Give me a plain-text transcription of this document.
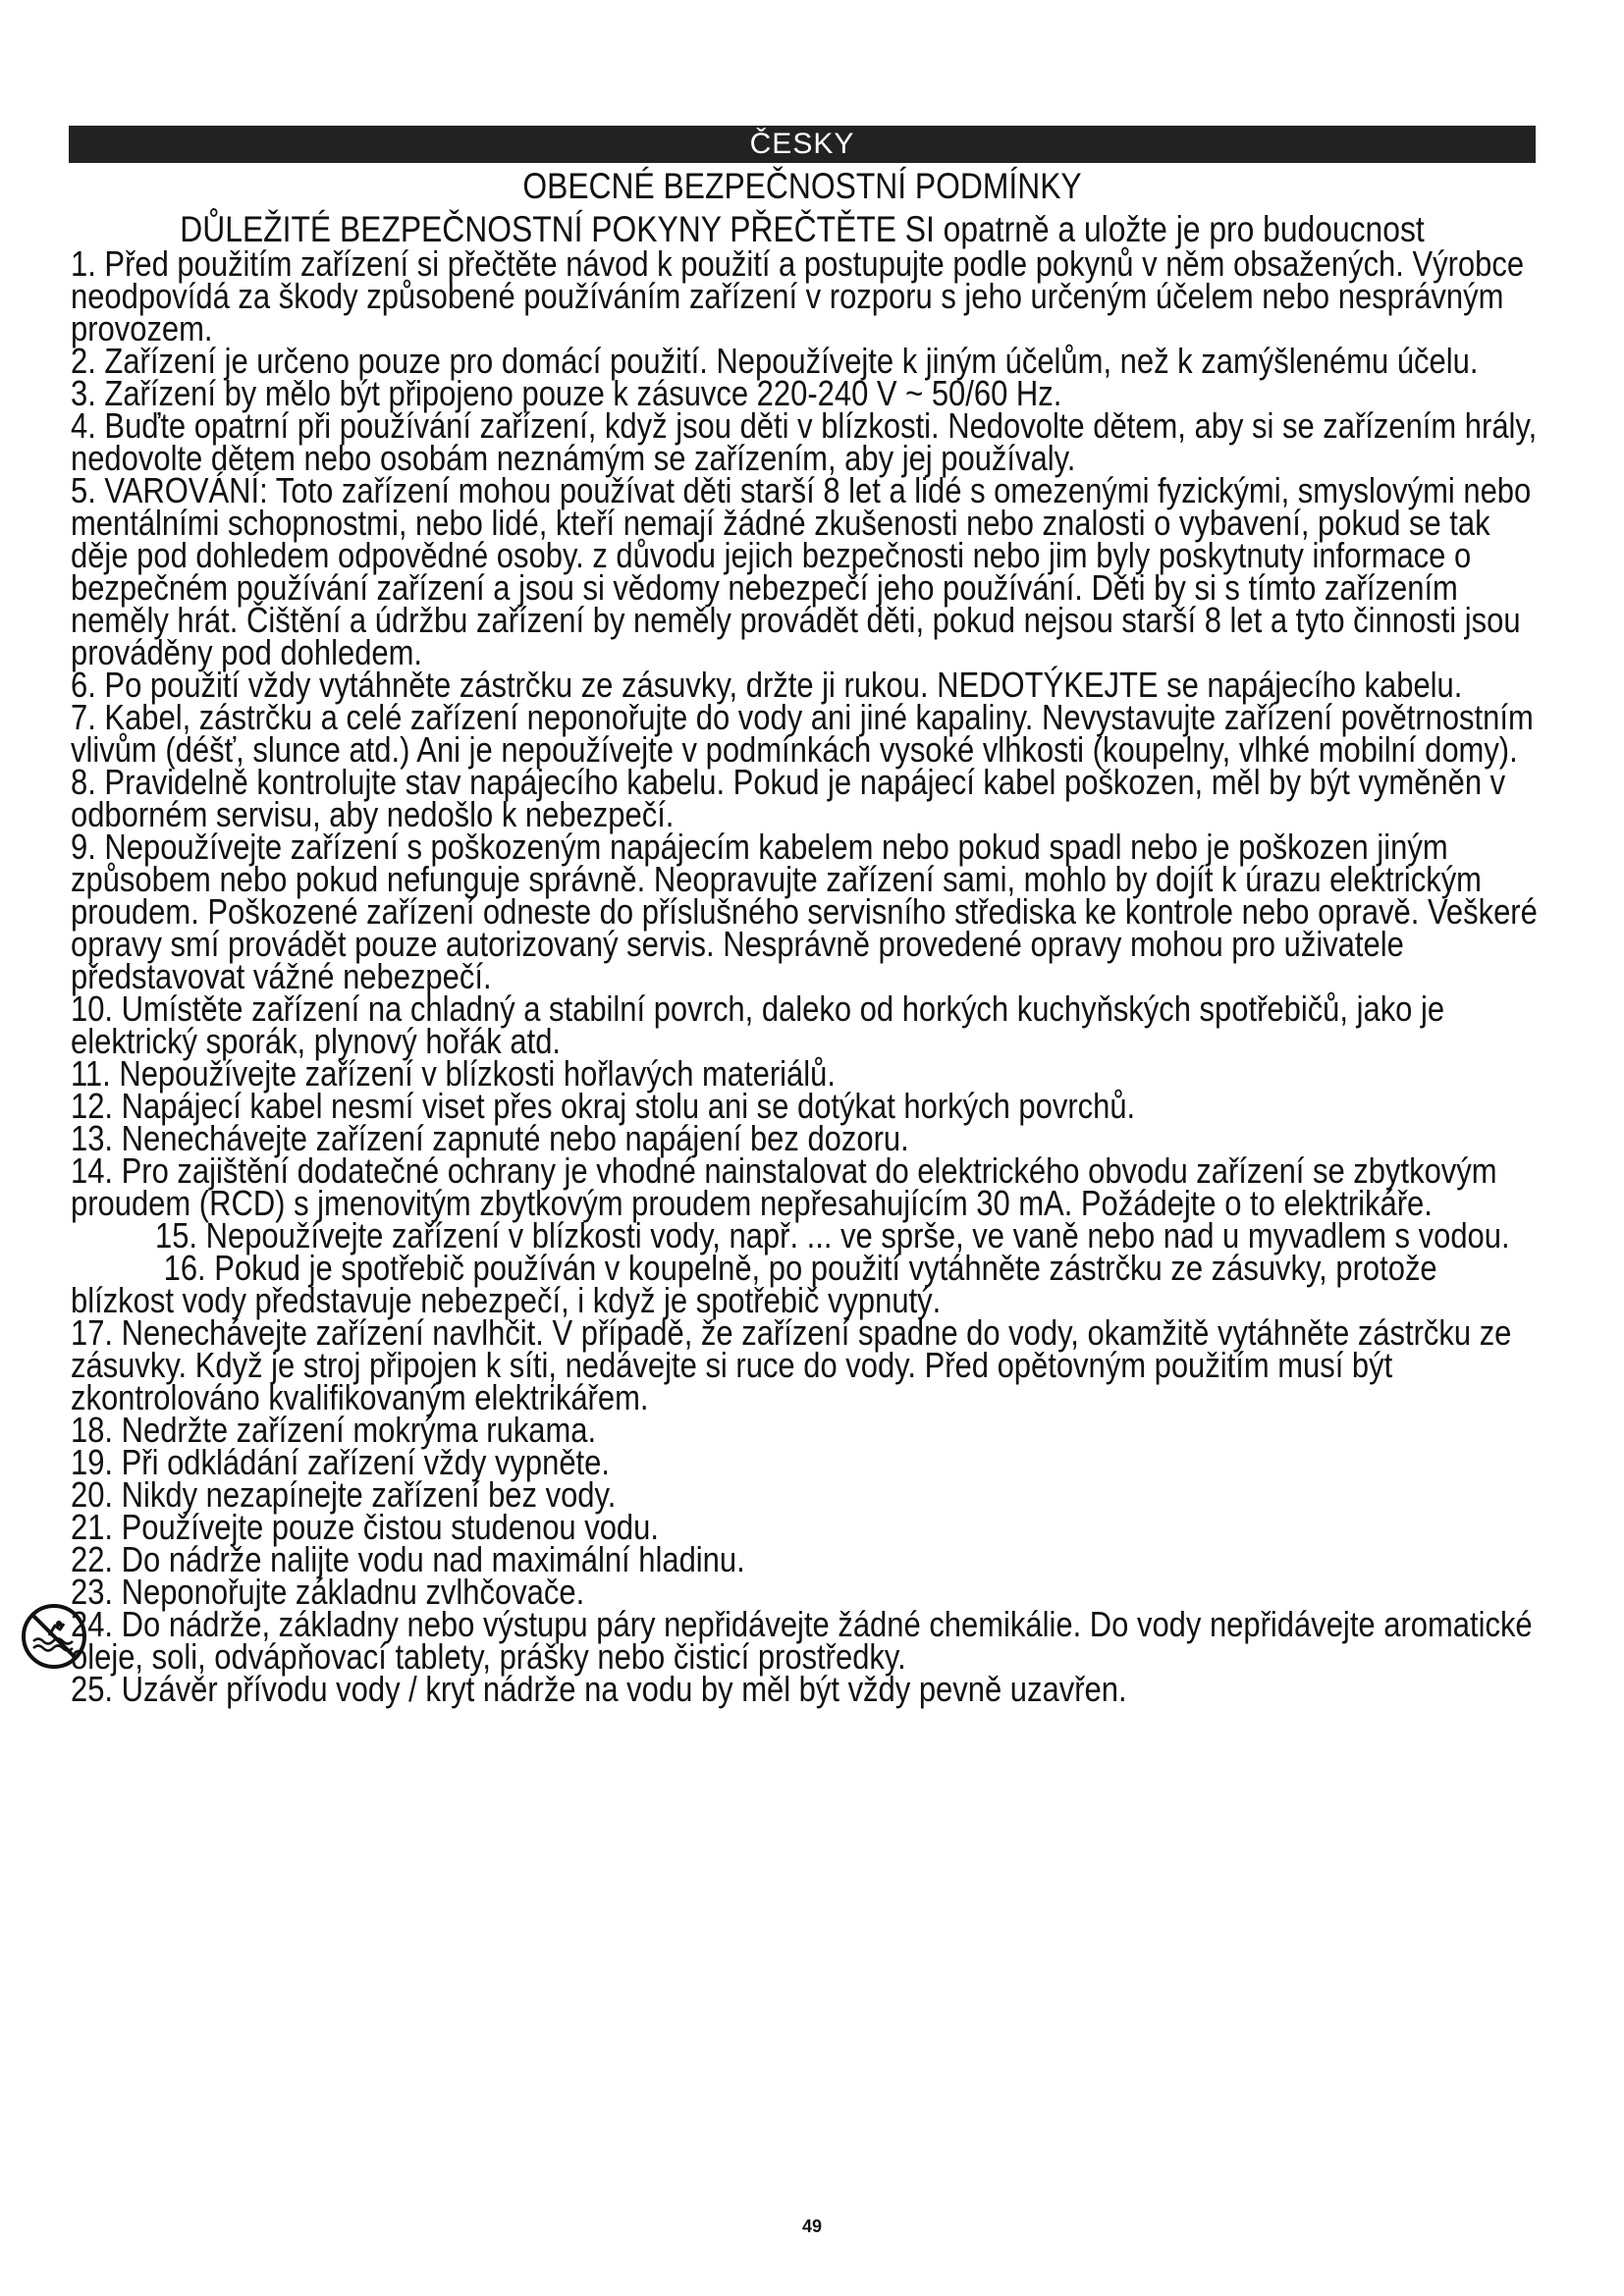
ČESKY
OBECNÉ BEZPEČNOSTNÍ PODMÍNKY
DŮLEŽITÉ BEZPEČNOSTNÍ POKYNY PŘEČTĚTE SI opatrně a uložte je pro budoucnost

1. Před použitím zařízení si přečtěte návod k použití a postupujte podle pokynů v něm obsažených. Výrobce neodpovídá za škody způsobené používáním zařízení v rozporu s jeho určeným účelem nebo nesprávným provozem.

2. Zařízení je určeno pouze pro domácí použití. Nepoužívejte k jiným účelům, než k zamýšlenému účelu.

3. Zařízení by mělo být připojeno pouze k zásuvce 220-240 V ~ 50/60 Hz.

4. Buďte opatrní při používání zařízení, když jsou děti v blízkosti. Nedovolte dětem, aby si se zařízením hrály, nedovolte dětem nebo osobám neznámým se zařízením, aby jej používaly.

5. VAROVÁNÍ: Toto zařízení mohou používat děti starší 8 let a lidé s omezenými fyzickými, smyslovými nebo mentálními schopnostmi, nebo lidé, kteří nemají žádné zkušenosti nebo znalosti o vybavení, pokud se tak děje pod dohledem odpovědné osoby. z důvodu jejich bezpečnosti nebo jim byly poskytnuty informace o bezpečném používání zařízení a jsou si vědomy nebezpečí jeho používání. Děti by si s tímto zařízením neměly hrát. Čištění a údržbu zařízení by neměly provádět děti, pokud nejsou starší 8 let a tyto činnosti jsou prováděny pod dohledem.

6. Po použití vždy vytáhněte zástrčku ze zásuvky, držte ji rukou. NEDOTÝKEJTE se napájecího kabelu.

7. Kabel, zástrčku a celé zařízení neponořujte do vody ani jiné kapaliny. Nevystavujte zařízení povětrnostním vlivům (déšť, slunce atd.) Ani je nepoužívejte v podmínkách vysoké vlhkosti (koupelny, vlhké mobilní domy).

8. Pravidelně kontrolujte stav napájecího kabelu. Pokud je napájecí kabel poškozen, měl by být vyměněn v odborném servisu, aby nedošlo k nebezpečí.

9. Nepoužívejte zařízení s poškozeným napájecím kabelem nebo pokud spadl nebo je poškozen jiným způsobem nebo pokud nefunguje správně. Neopravujte zařízení sami, mohlo by dojít k úrazu elektrickým proudem. Poškozené zařízení odneste do příslušného servisního střediska ke kontrole nebo opravě. Veškeré opravy smí provádět pouze autorizovaný servis. Nesprávně provedené opravy mohou pro uživatele představovat vážné nebezpečí.

10. Umístěte zařízení na chladný a stabilní povrch, daleko od horkých kuchyňských spotřebičů, jako je elektrický sporák, plynový hořák atd.

11. Nepoužívejte zařízení v blízkosti hořlavých materiálů.

12. Napájecí kabel nesmí viset přes okraj stolu ani se dotýkat horkých povrchů.

13. Nenechávejte zařízení zapnuté nebo napájení bez dozoru.

14. Pro zajištění dodatečné ochrany je vhodné nainstalovat do elektrického obvodu zařízení se zbytkovým proudem (RCD) s jmenovitým zbytkovým proudem nepřesahujícím 30 mA. Požádejte o to elektrikáře.

15. Nepoužívejte zařízení v blízkosti vody, např. ... ve sprše, ve vaně nebo nad u myvadlem s vodou.

16. Pokud je spotřebič používán v koupelně, po použití vytáhněte zástrčku ze zásuvky, protože blízkost vody představuje nebezpečí, i když je spotřebič vypnutý.

17. Nenechávejte zařízení navlhčit. V případě, že zařízení spadne do vody, okamžitě vytáhněte zástrčku ze zásuvky. Když je stroj připojen k síti, nedávejte si ruce do vody. Před opětovným použitím musí být zkontrolováno kvalifikovaným elektrikářem.

18. Nedržte zařízení mokrýma rukama.

19. Při odkládání zařízení vždy vypněte.

20. Nikdy nezapínejte zařízení bez vody.

21. Používejte pouze čistou studenou vodu.

22. Do nádrže nalijte vodu nad maximální hladinu.

23. Neponořujte základnu zvlhčovače.

24. Do nádrže, základny nebo výstupu páry nepřidávejte žádné chemikálie. Do vody nepřidávejte aromatické oleje, soli, odvápňovací tablety, prášky nebo čisticí prostředky.

25. Uzávěr přívodu vody / kryt nádrže na vodu by měl být vždy pevně uzavřen.

49
